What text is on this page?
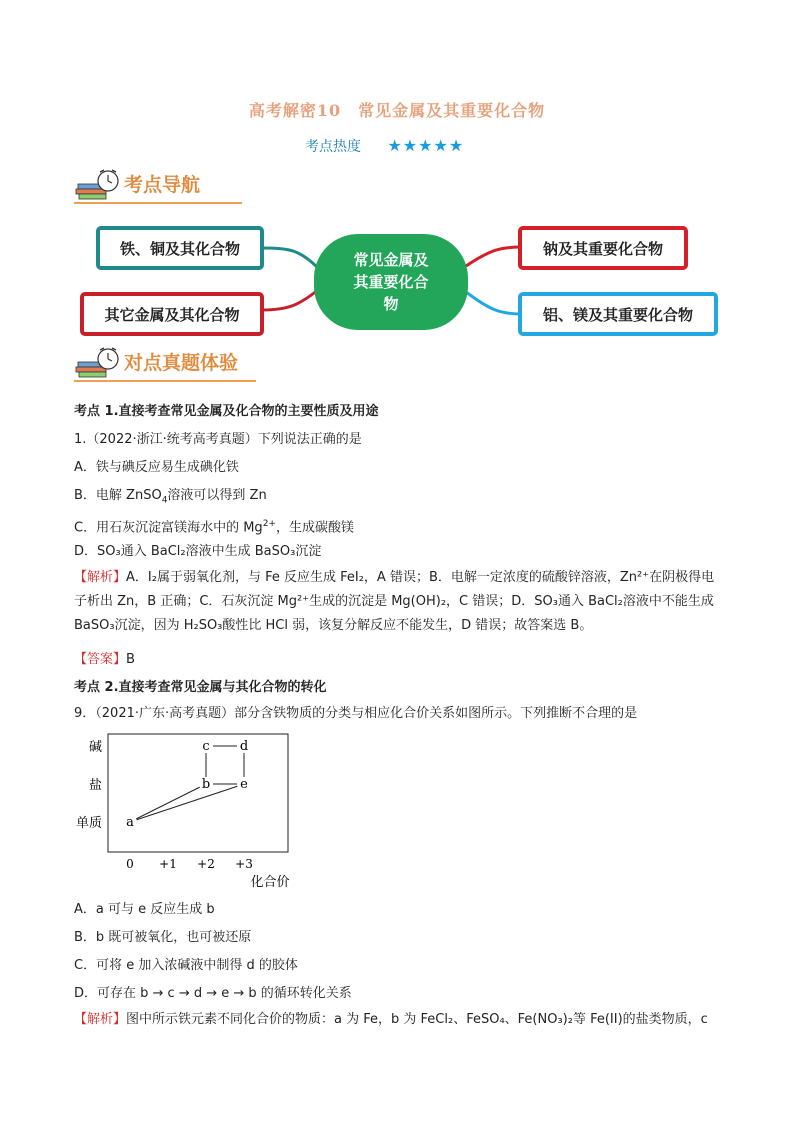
高考解密10　常见金属及其重要化合物
考点热度 ★★★★★
考点导航
铁、铜及其化合物
其它金属及其化合物
常见金属及
其重要化合
物
钠及其重要化合物
铝、镁及其重要化合物
对点真题体验
考点 1.直接考查常见金属及化合物的主要性质及用途
1.（2022·浙江·统考高考真题）下列说法正确的是
A．铁与碘反应易生成碘化铁
B．电解 ZnSO$_4$溶液可以得到 Zn
C．用石灰沉淀富镁海水中的 $Mg^{2+}$，生成碳酸镁
D．SO₃通入 BaCl₂溶液中生成 BaSO₃沉淀
【解析】A．I₂属于弱氧化剂，与 Fe 反应生成 FeI₂，A 错误；B．电解一定浓度的硫酸锌溶液，Zn²⁺在阴极得电子析出 Zn，B 正确；C．石灰沉淀 Mg²⁺生成的沉淀是 Mg(OH)₂，C 错误；D．SO₃通入 BaCl₂溶液中不能生成 BaSO₃沉淀，因为 H₂SO₃酸性比 HCl 弱，该复分解反应不能发生，D 错误；故答案选 B。
【答案】B
考点 2.直接考查常见金属与其化合物的转化
9．（2021·广东·高考真题）部分含铁物质的分类与相应化合价关系如图所示。下列推断不合理的是
碱
盐
单质
0 +1 +2 +3
化合价
a
b e
c d
A．a 可与 e 反应生成 b
B．b 既可被氧化，也可被还原
C．可将 e 加入浓碱液中制得 d 的胶体
D．可存在 b → c → d → e → b 的循环转化关系
【解析】图中所示铁元素不同化合价的物质：a 为 Fe，b 为 FeCl₂、FeSO₄、Fe(NO₃)₂等 Fe(II)的盐类物质，c
